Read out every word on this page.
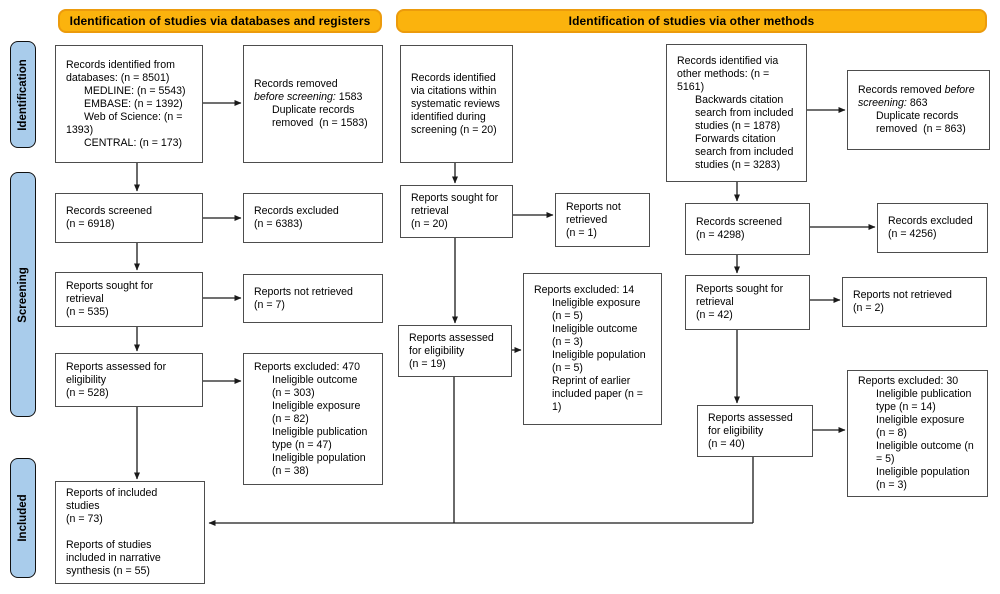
Identification of studies via databases and registers	Identification of studies via other methods
Identification
Screening
Included
Records identified from
databases: (n = 8501)
MEDLINE: (n = 5543)
EMBASE: (n = 1392)
Web of Science: (n =
1393)
CENTRAL: (n = 173)
Records removed
before screening: 1583
Duplicate records
removed  (n = 1583)
Records identified
via citations within
systematic reviews
identified during
screening (n = 20)
Records identified via
other methods: (n =
5161)
Backwards citation
search from included
studies (n = 1878)
Forwards citation
search from included
studies (n = 3283)
Records removed before
screening: 863
Duplicate records
removed  (n = 863)
Records screened
(n = 6918)
Records excluded
(n = 6383)
Reports sought for
retrieval
(n = 20)
Reports not
retrieved
(n = 1)
Records screened
(n = 4298)
Records excluded
(n = 4256)
Reports sought for
retrieval
(n = 535)
Reports not retrieved
(n = 7)
Reports sought for
retrieval
(n = 42)
Reports not retrieved
(n = 2)
Reports assessed for
eligibility
(n = 528)
Reports excluded: 470
Ineligible outcome
(n = 303)
Ineligible exposure
(n = 82)
Ineligible publication
type (n = 47)
Ineligible population
(n = 38)
Reports assessed
for eligibility
(n = 19)
Reports excluded: 14
Ineligible exposure
(n = 5)
Ineligible outcome
(n = 3)
Ineligible population
(n = 5)
Reprint of earlier
included paper (n =
1)
Reports assessed
for eligibility
(n = 40)
Reports excluded: 30
Ineligible publication
type (n = 14)
Ineligible exposure
(n = 8)
Ineligible outcome (n
= 5)
Ineligible population
(n = 3)
Reports of included
studies
(n = 73)
Reports of studies
included in narrative
synthesis (n = 55)
